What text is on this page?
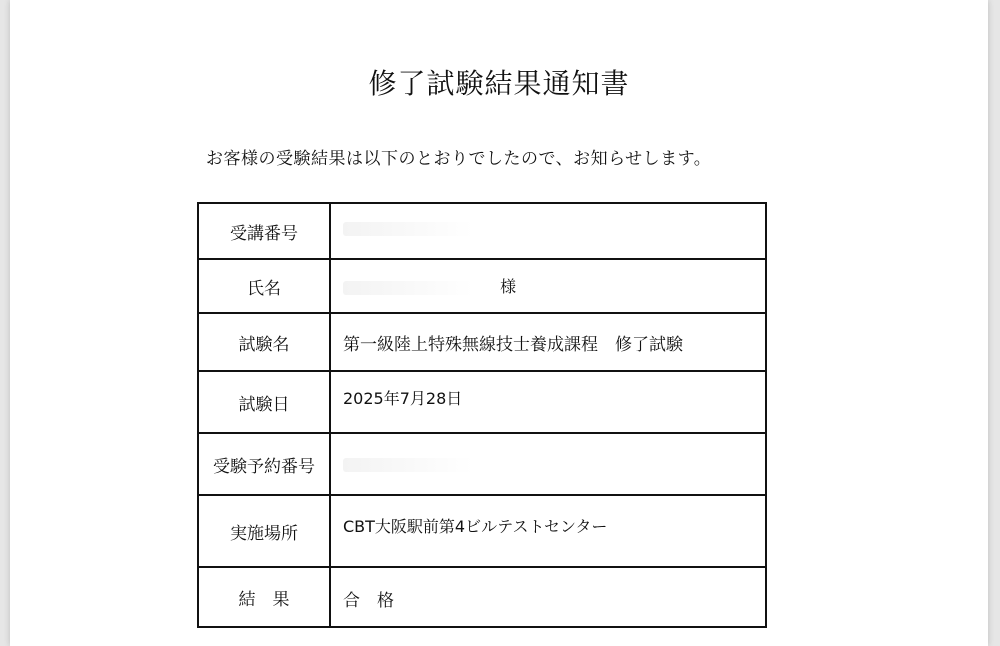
修了試験結果通知書
お客様の受験結果は以下のとおりでしたので、お知らせします。
受講番号	
氏名	様
試験名	第一級陸上特殊無線技士養成課程　修了試験
試験日	2025年7月28日
受験予約番号	
実施場所	CBT大阪駅前第4ビルテストセンター
結　果	合　格
